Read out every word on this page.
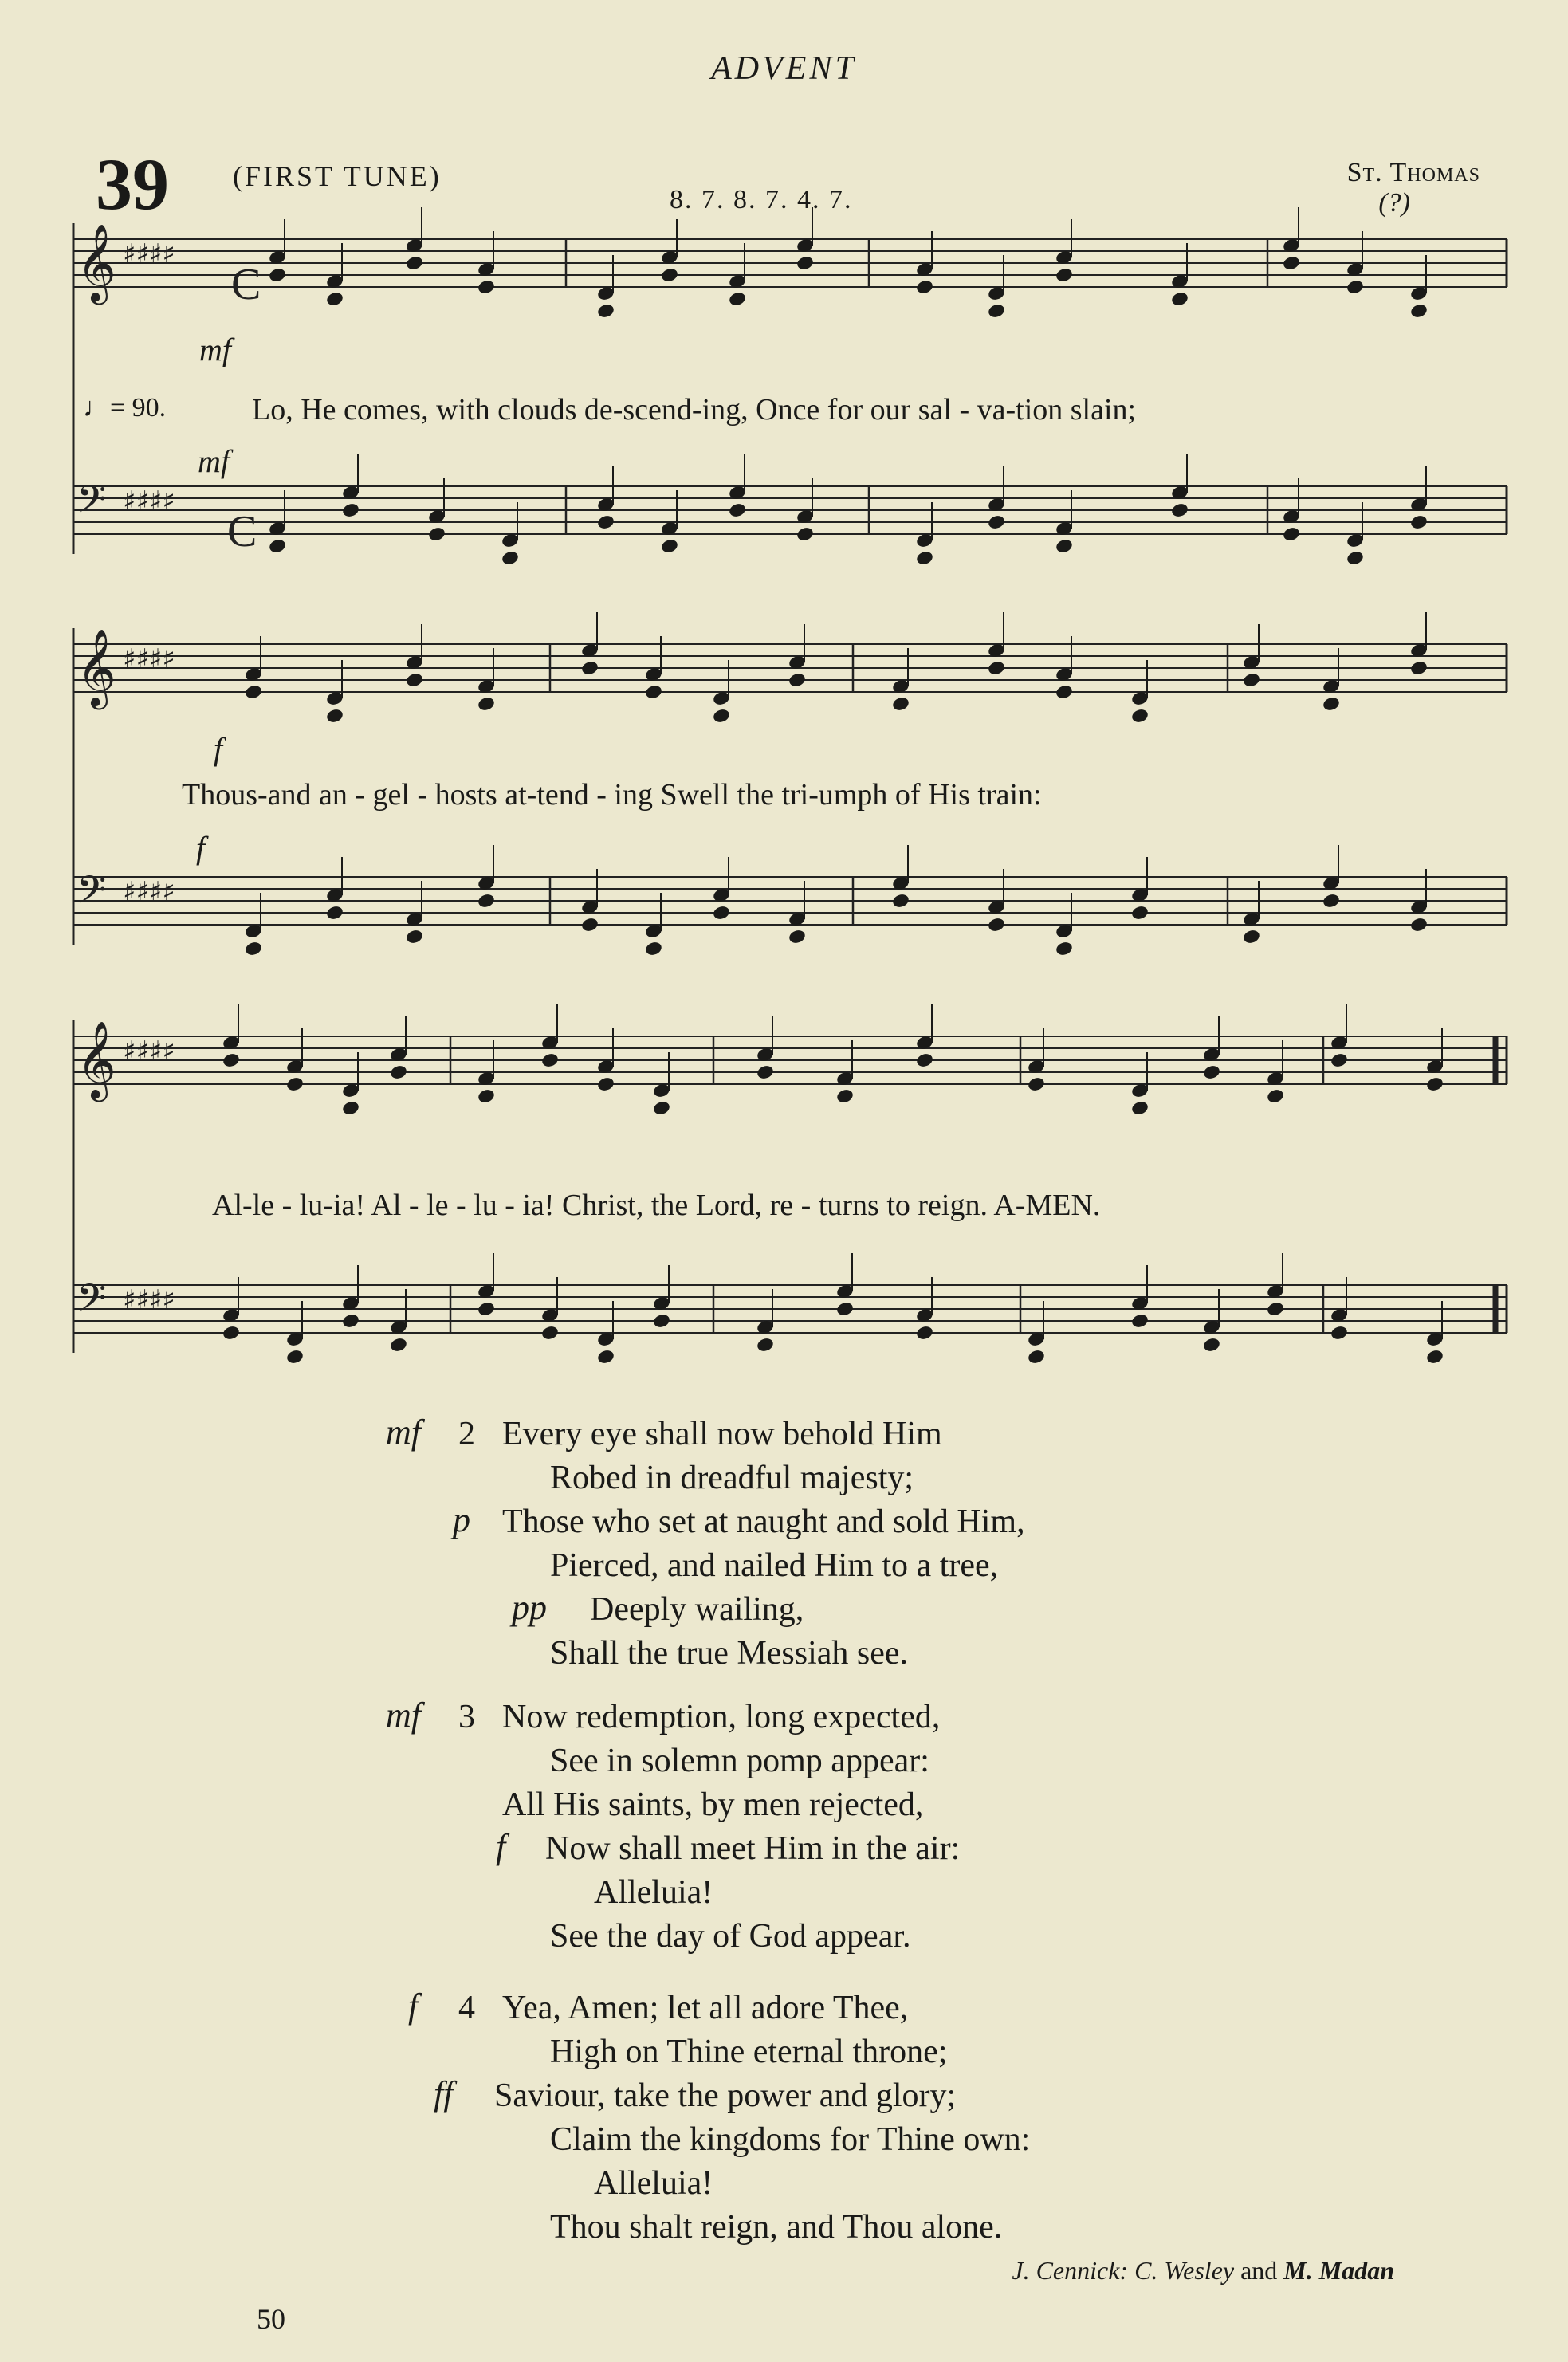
ADVENT
39 (FIRST TUNE)
8. 7. 8. 7. 4. 7.
St. Thomas
(?)
𝄞 ♯♯♯♯
𝄢 ♯♯♯♯
𝄞 ♯♯♯♯
𝄢 ♯♯♯♯
𝄞 ♯♯♯♯
𝄢 ♯♯♯♯
C
C
♩= 90.
mf
mf
Lo, He comes, with clouds de-scend-ing, Once for our sal - va-tion slain;
f
f
Thous-and an - gel - hosts at-tend - ing Swell the tri-umph of His train:
Al-le - lu-ia! Al - le - lu - ia! Christ, the Lord, re - turns to reign. A-MEN.
mf 2 Every eye shall now behold Him
Robed in dreadful majesty;
p Those who set at naught and sold Him,
Pierced, and nailed Him to a tree,
pp Deeply wailing,
Shall the true Messiah see.
mf 3 Now redemption, long expected,
See in solemn pomp appear:
All His saints, by men rejected,
f Now shall meet Him in the air:
Alleluia!
See the day of God appear.
f 4 Yea, Amen; let all adore Thee,
High on Thine eternal throne;
ff Saviour, take the power and glory;
Claim the kingdoms for Thine own:
Alleluia!
Thou shalt reign, and Thou alone.
J. Cennick: C. Wesley and M. Madan
50
